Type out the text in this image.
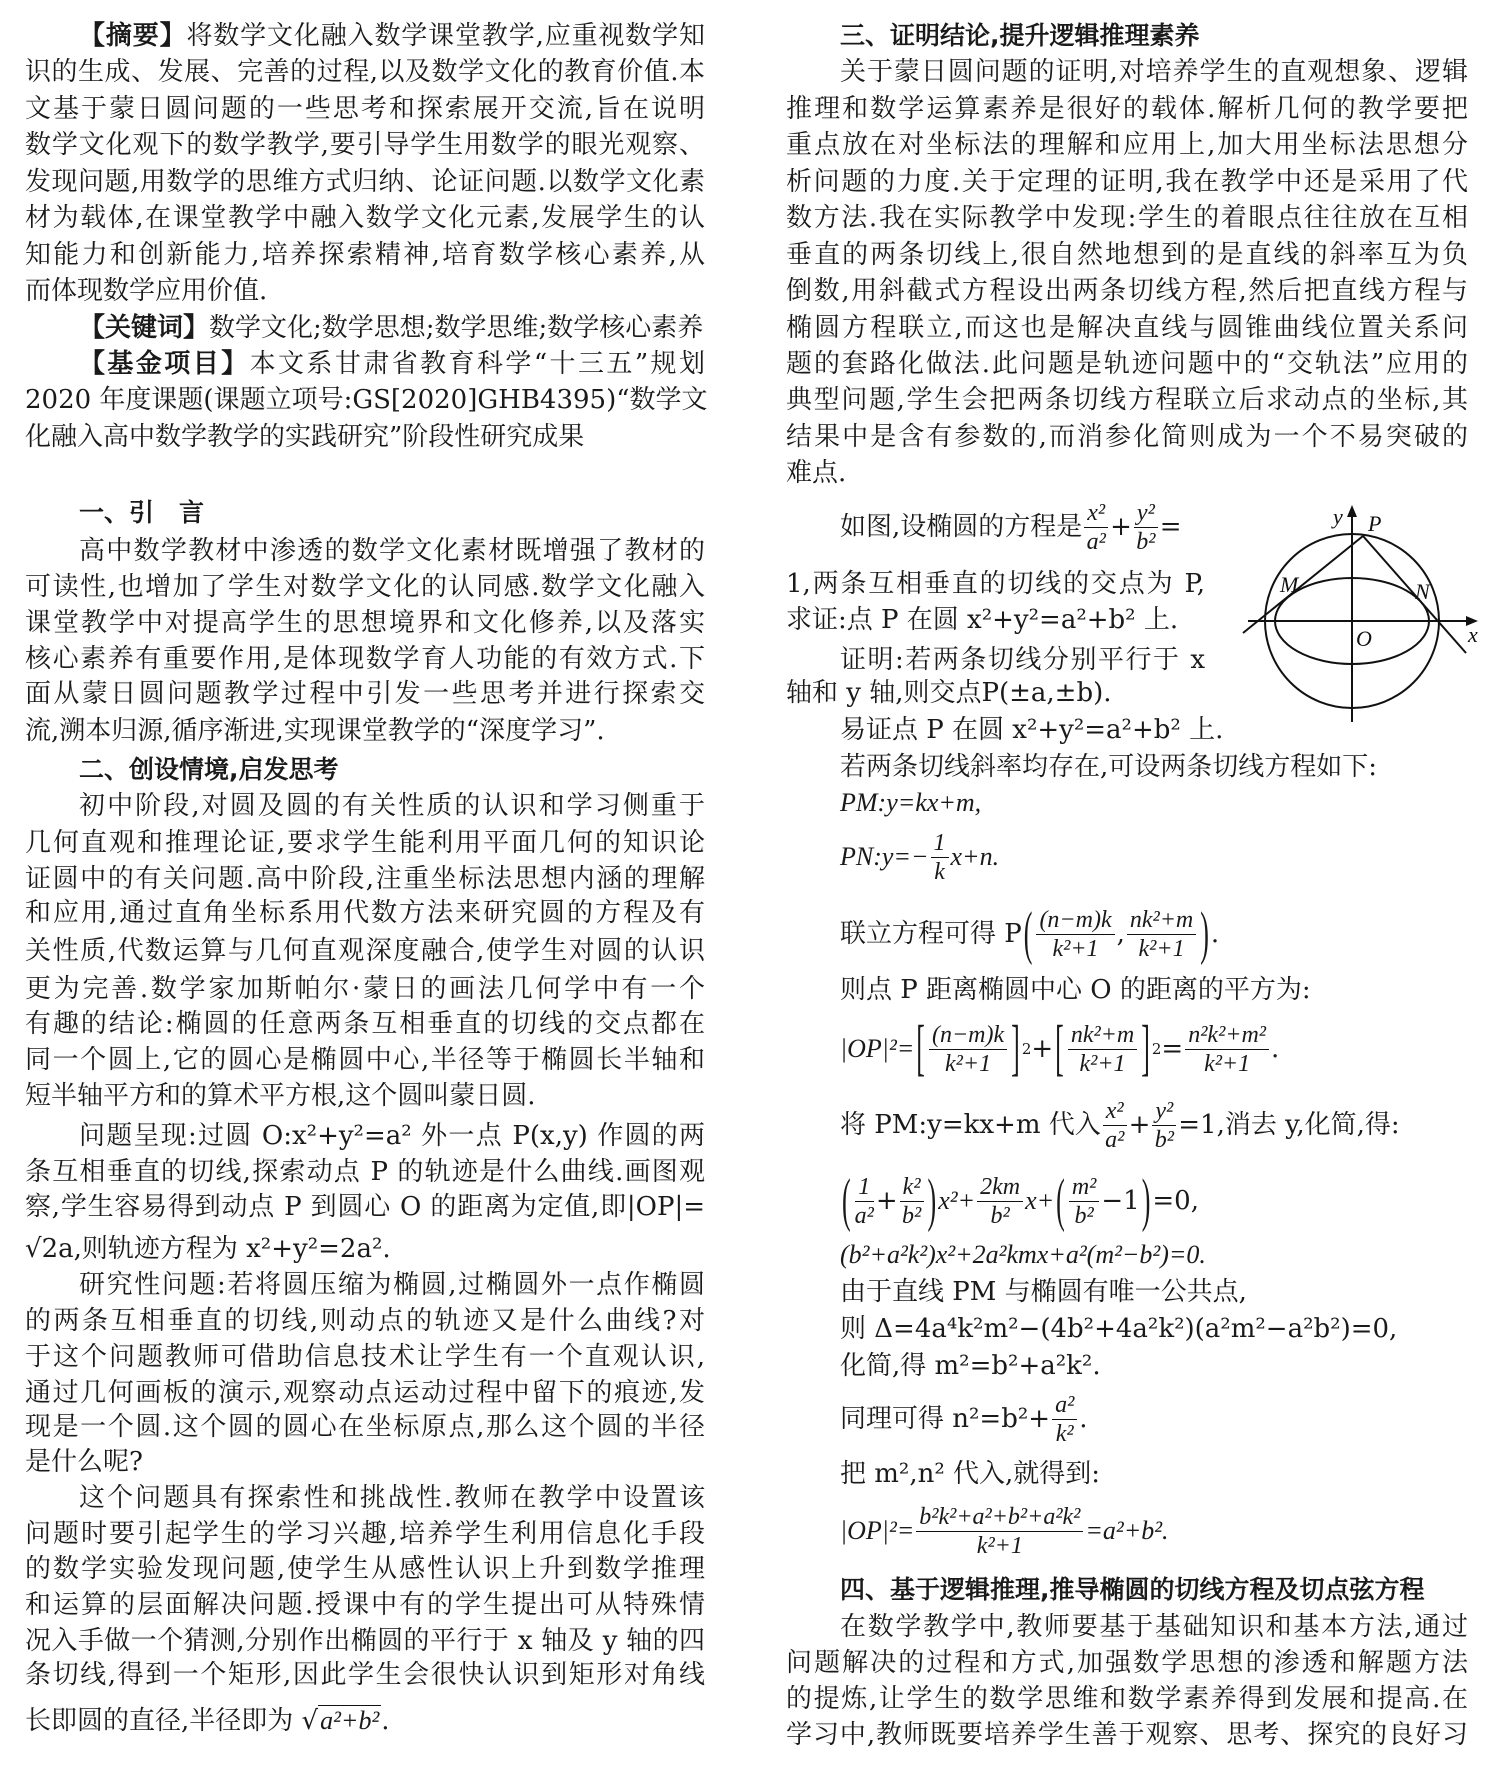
【摘要】将数学文化融入数学课堂教学,应重视数学知
识的生成、发展、完善的过程,以及数学文化的教育价值.本
文基于蒙日圆问题的一些思考和探索展开交流,旨在说明
数学文化观下的数学教学,要引导学生用数学的眼光观察、
发现问题,用数学的思维方式归纳、论证问题.以数学文化素
材为载体,在课堂教学中融入数学文化元素,发展学生的认
知能力和创新能力,培养探索精神,培育数学核心素养,从
而体现数学应用价值.
【关键词】数学文化;数学思想;数学思维;数学核心素养
【基金项目】本文系甘肃省教育科学“十三五”规划
2020 年度课题(课题立项号:GS[2020]GHB4395)“数学文
化融入高中数学教学的实践研究”阶段性研究成果
一、引　言
高中数学教材中渗透的数学文化素材既增强了教材的
可读性,也增加了学生对数学文化的认同感.数学文化融入
课堂教学中对提高学生的思想境界和文化修养,以及落实
核心素养有重要作用,是体现数学育人功能的有效方式.下
面从蒙日圆问题教学过程中引发一些思考并进行探索交
流,溯本归源,循序渐进,实现课堂教学的“深度学习”.
二、创设情境,启发思考
初中阶段,对圆及圆的有关性质的认识和学习侧重于
几何直观和推理论证,要求学生能利用平面几何的知识论
证圆中的有关问题.高中阶段,注重坐标法思想内涵的理解
和应用,通过直角坐标系用代数方法来研究圆的方程及有
关性质,代数运算与几何直观深度融合,使学生对圆的认识
更为完善.数学家加斯帕尔·蒙日的画法几何学中有一个
有趣的结论:椭圆的任意两条互相垂直的切线的交点都在
同一个圆上,它的圆心是椭圆中心,半径等于椭圆长半轴和
短半轴平方和的算术平方根,这个圆叫蒙日圆.
问题呈现:过圆 O:x²+y²=a² 外一点 P(x,y) 作圆的两
条互相垂直的切线,探索动点 P 的轨迹是什么曲线.画图观
察,学生容易得到动点 P 到圆心 O 的距离为定值,即|OP|=
√2a,则轨迹方程为 x²+y²=2a².
研究性问题:若将圆压缩为椭圆,过椭圆外一点作椭圆
的两条互相垂直的切线,则动点的轨迹又是什么曲线?对
于这个问题教师可借助信息技术让学生有一个直观认识,
通过几何画板的演示,观察动点运动过程中留下的痕迹,发
现是一个圆.这个圆的圆心在坐标原点,那么这个圆的半径
是什么呢?
这个问题具有探索性和挑战性.教师在教学中设置该
问题时要引起学生的学习兴趣,培养学生利用信息化手段
的数学实验发现问题,使学生从感性认识上升到数学推理
和运算的层面解决问题.授课中有的学生提出可从特殊情
况入手做一个猜测,分别作出椭圆的平行于 x 轴及 y 轴的四
条切线,得到一个矩形,因此学生会很快认识到矩形对角线
长即圆的直径,半径即为 √a²+b².
三、证明结论,提升逻辑推理素养
关于蒙日圆问题的证明,对培养学生的直观想象、逻辑
推理和数学运算素养是很好的载体.解析几何的教学要把
重点放在对坐标法的理解和应用上,加大用坐标法思想分
析问题的力度.关于定理的证明,我在教学中还是采用了代
数方法.我在实际教学中发现:学生的着眼点往往放在互相
垂直的两条切线上,很自然地想到的是直线的斜率互为负
倒数,用斜截式方程设出两条切线方程,然后把直线方程与
椭圆方程联立,而这也是解决直线与圆锥曲线位置关系问
题的套路化做法.此问题是轨迹问题中的“交轨法”应用的
典型问题,学生会把两条切线方程联立后求动点的坐标,其
结果中是含有参数的,而消参化简则成为一个不易突破的
难点.
如图,设椭圆的方程是 x²
$a^2 + \frac{\text{y²}}{\text{b²}}$ =
1,两条互相垂直的切线的交点为 P,
求证:点 P 在圆 x²+y²=a²+b² 上.
证明:若两条切线分别平行于 x
轴和 y 轴,则交点P(±a,±b).
易证点 P 在圆 x²+y²=a²+b² 上.
若两条切线斜率均存在,可设两条切线方程如下:
PM:y=kx+m,
PN:y=− $\frac{1}{k} x+n$.
联立方程可得 P ( (n−m)k
k²+1 , nk²+m
k²+1 ) .
则点 P 距离椭圆中心 O 的距离的平方为:
|OP|²= [ (n−m)k
k²+1 ] 2 + [ nk²+m
k²+1 ] $2 = \frac{\text{n²k²+m²}}{\text{k²+1}}$ .
将 PM:y=kx+m 代入 x²
$a^2 + \frac{\text{y²}}{\text{b²}} =1$,消去 y,化简,得:
( 1
$a^2 + \frac{\text{k²}}{\text{b²}}$ ) $x^2+ \frac{2km}{\text{b²}} x+$ ( m²
b² −1 ) =0,
(b²+a²k²)x²+2a²kmx+a²(m²−b²)=0.
由于直线 PM 与椭圆有唯一公共点,
则 Δ=4a⁴k²m²−(4b²+4a²k²)(a²m²−a²b²)=0,
化简,得 m²=b²+a²k².
同理可得 $n^2=b^2+ \frac{\text{a²}}{\text{k²}}$ .
把 m²,n² 代入,就得到:
$|OP|^2= \frac{\text{b²k²+a²+b²+a²k²}}{\text{k²+1}} =a^2+b^2$.
四、基于逻辑推理,推导椭圆的切线方程及切点弦方程
在数学教学中,教师要基于基础知识和基本方法,通过
问题解决的过程和方式,加强数学思想的渗透和解题方法
的提炼,让学生的数学思维和数学素养得到发展和提高.在
学习中,教师既要培养学生善于观察、思考、探究的良好习
y P
M	N
O	x
